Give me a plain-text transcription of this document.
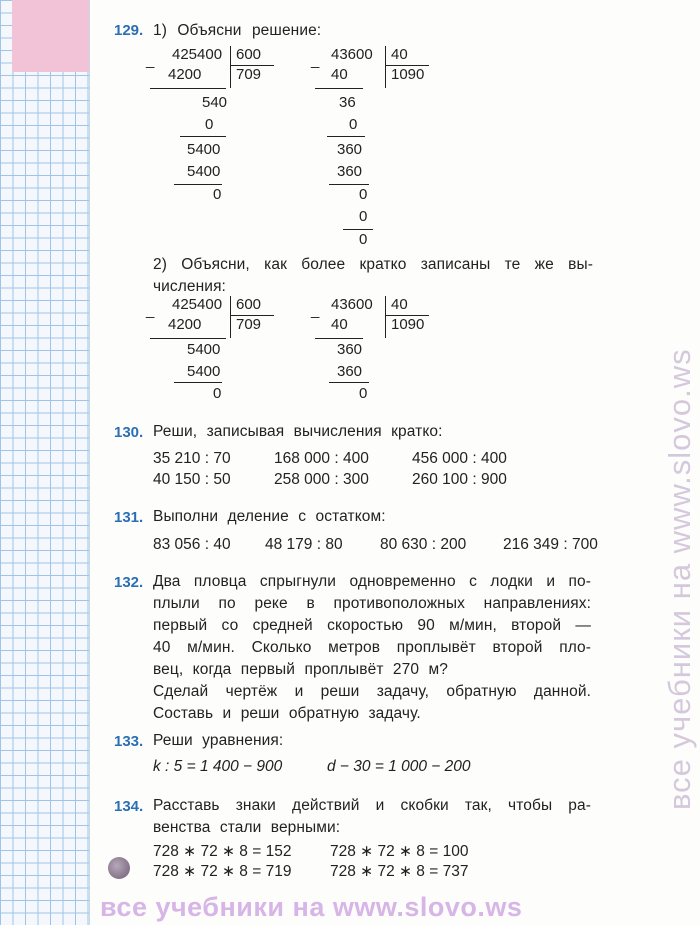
129. 1) Объясни решение:
_ 425400 600
4200 709
540
0
5400
5400
0
_ 43600 40
40	1090
36
0
360
360
0
0
0
2) Объясни, как более кратко записаны те же вы-
числения:
_ 425400 600
4200 709
5400
5400
0
_ 43600 40
40	1090
360
360
0
130. Реши, записывая вычисления кратко:
35 210 : 70	168 000 : 400	456 000 : 400
40 150 : 50	258 000 : 300	260 100 : 900
131. Выполни деление с остатком:
83 056 : 40 48 179 : 80 80 630 : 200 216 349 : 700
132. Два пловца спрыгнули одновременно с лодки и по-
плыли по реке в противоположных направлениях:
первый со средней скоростью 90 м/мин, второй —
40 м/мин. Сколько метров проплывёт второй пло-
вец, когда первый проплывёт 270 м?
Сделай чертёж и реши задачу, обратную данной.
Составь и реши обратную задачу.
133. Реши уравнения:
k : 5 = 1 400 − 900	d − 30 = 1 000 − 200
134. Расставь знаки действий и скобки так, чтобы ра-
венства стали верными:
728 ∗ 72 ∗ 8 = 152 728 ∗ 72 ∗ 8 = 100
728 ∗ 72 ∗ 8 = 719 728 ∗ 72 ∗ 8 = 737
все учебники на www.slovo.ws
все учебники на www.slovo.ws
